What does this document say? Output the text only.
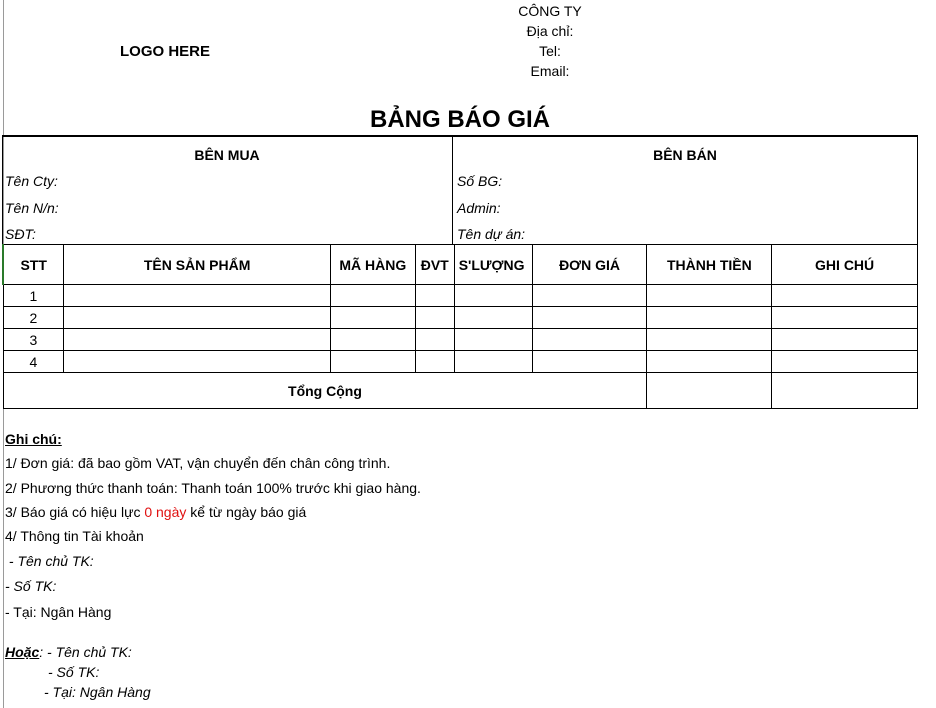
LOGO HERE
CÔNG TY
Địa chỉ:
Tel:
Email:
BẢNG BÁO GIÁ
BÊN MUA
Tên Cty:
Tên N/n:
SĐT:
BÊN BÁN
Số BG:
Admin:
Tên dự án:
STT	TÊN SẢN PHẨM	MÃ HÀNG	ĐVT	S'LƯỢNG	ĐƠN GIÁ	THÀNH TIỀN	GHI CHÚ
1							
2							
3							
4							
Tổng Cộng							
Ghi chú:
1/ Đơn giá: đã bao gồm VAT, vận chuyển đến chân công trình.
2/ Phương thức thanh toán: Thanh toán 100% trước khi giao hàng.
3/ Báo giá có hiệu lực 0 ngày kể từ ngày báo giá
4/ Thông tin Tài khoản
- Tên chủ TK:
- Số TK:
- Tại: Ngân Hàng
Hoặc: - Tên chủ TK:
- Số TK:
- Tại: Ngân Hàng
